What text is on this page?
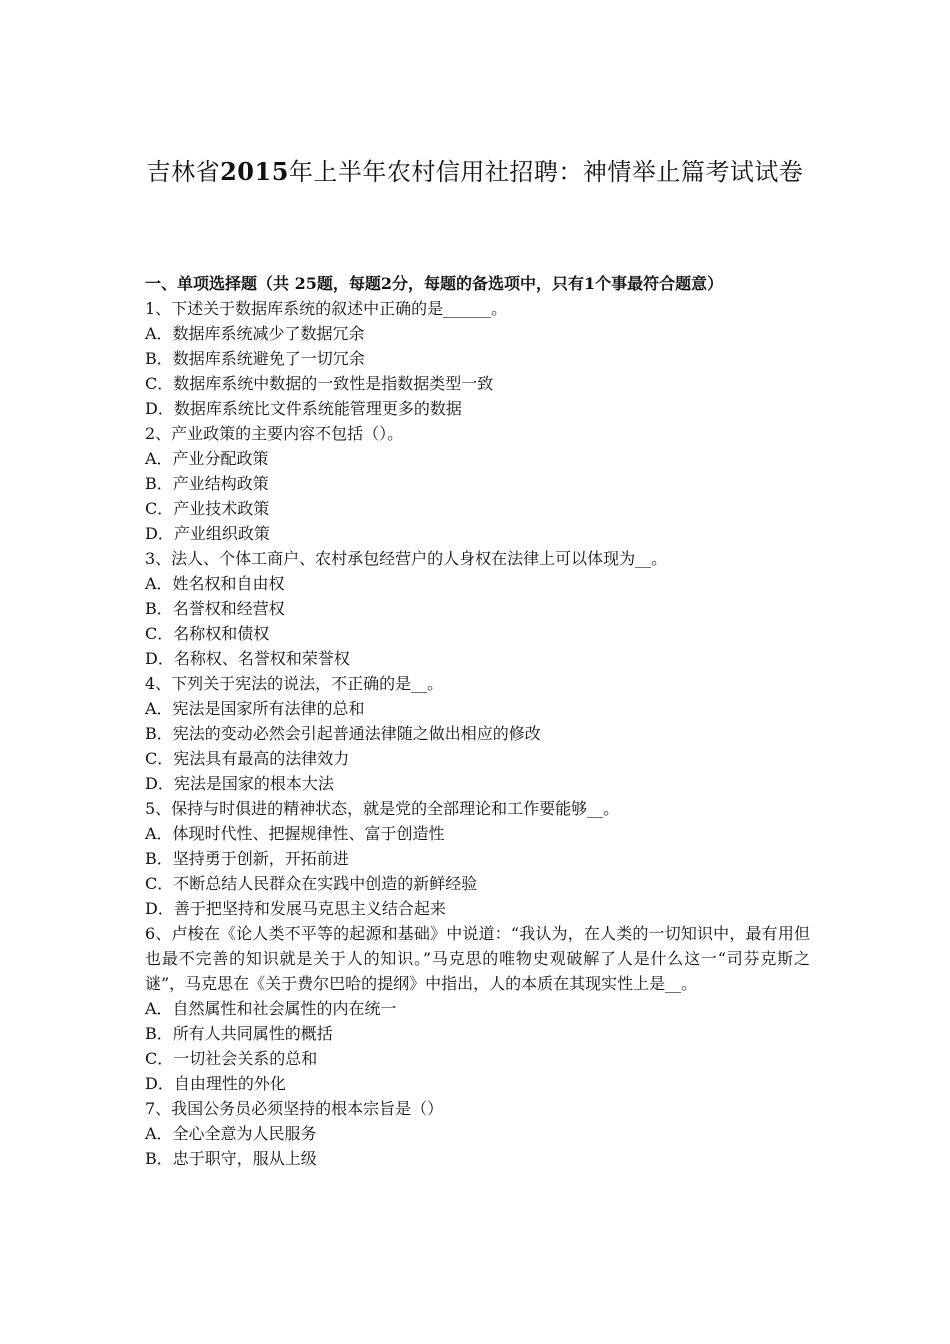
吉林省2015年上半年农村信用社招聘：神情举止篇考试试卷

一、单项选择题（共 25题，每题2分，每题的备选项中，只有1个事最符合题意）

1、下述关于数据库系统的叙述中正确的是______。

A．数据库系统减少了数据冗余

B．数据库系统避免了一切冗余

C．数据库系统中数据的一致性是指数据类型一致

D．数据库系统比文件系统能管理更多的数据

2、产业政策的主要内容不包括（）。

A．产业分配政策

B．产业结构政策

C．产业技术政策

D．产业组织政策

3、法人、个体工商户、农村承包经营户的人身权在法律上可以体现为__。

A．姓名权和自由权

B．名誉权和经营权

C．名称权和债权

D．名称权、名誉权和荣誉权

4、下列关于宪法的说法，不正确的是__。

A．宪法是国家所有法律的总和

B．宪法的变动必然会引起普通法律随之做出相应的修改

C．宪法具有最高的法律效力

D．宪法是国家的根本大法

5、保持与时俱进的精神状态，就是党的全部理论和工作要能够__。

A．体现时代性、把握规律性、富于创造性

B．坚持勇于创新，开拓前进

C．不断总结人民群众在实践中创造的新鲜经验

D．善于把坚持和发展马克思主义结合起来

6、卢梭在《论人类不平等的起源和基础》中说道：“我认为，在人类的一切知识中，最有用但也最不完善的知识就是关于人的知识。”马克思的唯物史观破解了人是什么这一“司芬克斯之谜”，马克思在《关于费尔巴哈的提纲》中指出，人的本质在其现实性上是__。

A．自然属性和社会属性的内在统一

B．所有人共同属性的概括

C．一切社会关系的总和

D．自由理性的外化

7、我国公务员必须坚持的根本宗旨是（）

A．全心全意为人民服务

B．忠于职守，服从上级
